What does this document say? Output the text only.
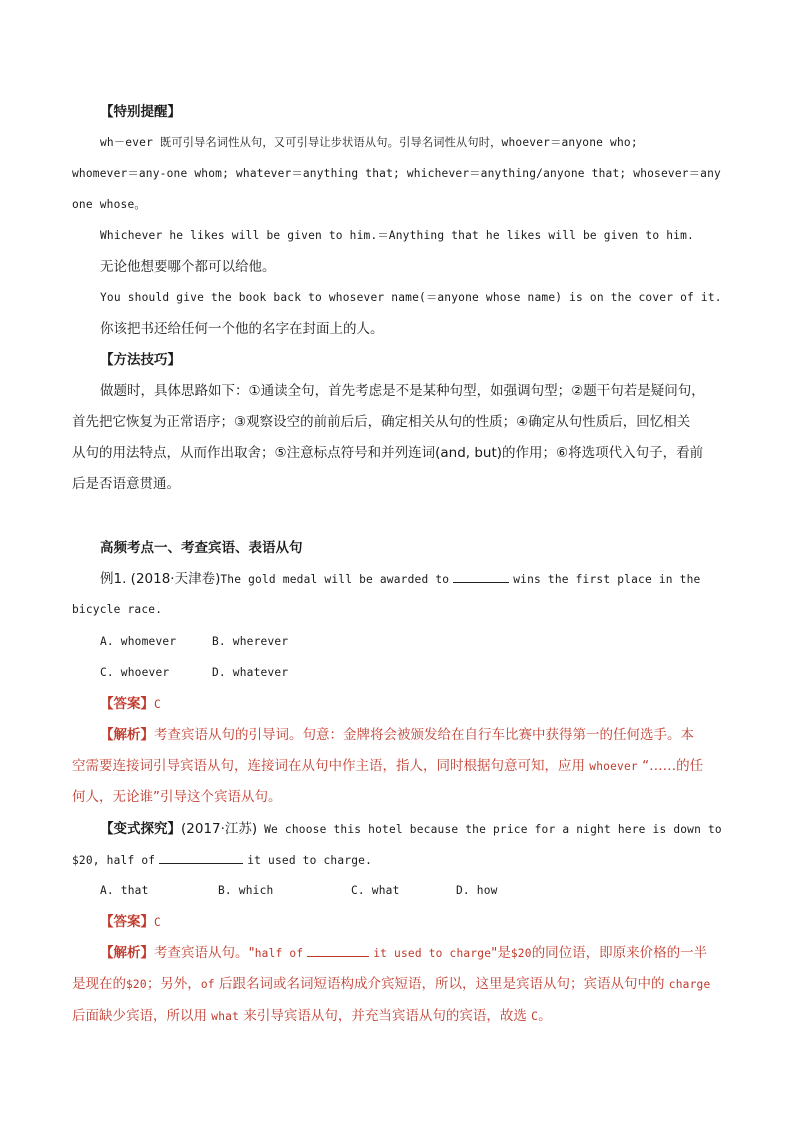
【特别提醒】
wh－ever 既可引导名词性从句，又可引导让步状语从句。引导名词性从句时，whoever＝anyone who;
whomever＝any-one whom; whatever＝anything that; whichever＝anything/anyone that; whosever＝any
one whose。
Whichever he likes will be given to him.＝Anything that he likes will be given to him.
无论他想要哪个都可以给他。
You should give the book back to whosever name(＝anyone whose name) is on the cover of it.
你该把书还给任何一个他的名字在封面上的人。
【方法技巧】
做题时，具体思路如下：①通读全句，首先考虑是不是某种句型，如强调句型；②题干句若是疑问句，
首先把它恢复为正常语序；③观察设空的前前后后，确定相关从句的性质；④确定从句性质后，回忆相关
从句的用法特点，从而作出取舍；⑤注意标点符号和并列连词(and, but)的作用；⑥将选项代入句子，看前
后是否语意贯通。
高频考点一、考查宾语、表语从句
例1. (2018·天津卷)The gold medal will be awarded to	wins the first place in the
bicycle race.
A. whomever	B. wherever
C. whoever	D. whatever
【答案】C
【解析】考查宾语从句的引导词。句意：金牌将会被颁发给在自行车比赛中获得第一的任何选手。本
空需要连接词引导宾语从句，连接词在从句中作主语，指人，同时根据句意可知，应用 whoever “……的任
何人，无论谁”引导这个宾语从句。
【变式探究】(2017·江苏) We choose this hotel because the price for a night here is down to
$20, half of	it used to charge.
A. that	B. which	C. what	D. how
【答案】C
【解析】考查宾语从句。"half of	it used to charge"是$20的同位语，即原来价格的一半
是现在的$20；另外，of 后跟名词或名词短语构成介宾短语，所以，这里是宾语从句；宾语从句中的 charge
后面缺少宾语，所以用 what 来引导宾语从句，并充当宾语从句的宾语，故选 C。
